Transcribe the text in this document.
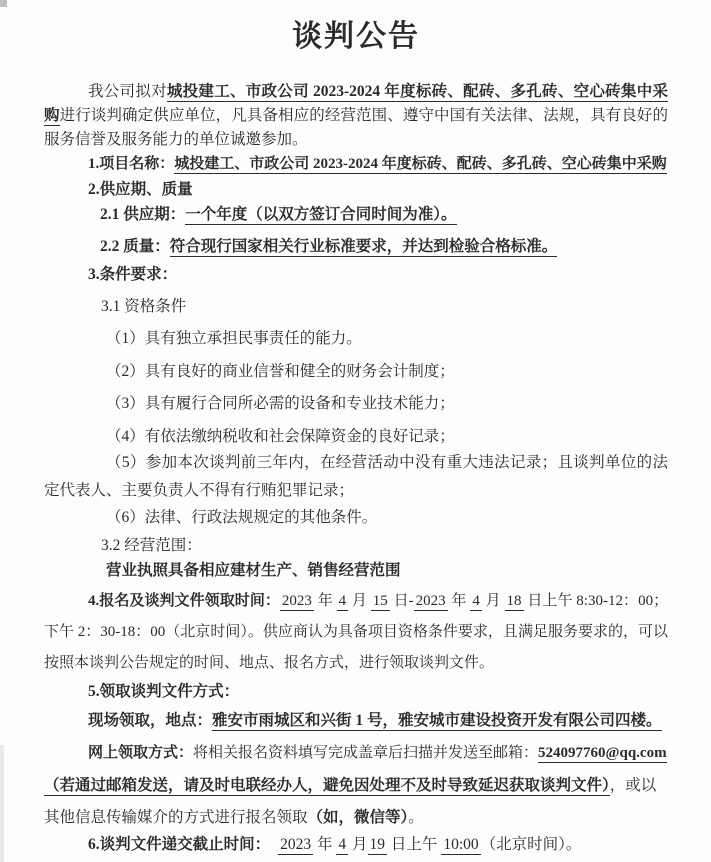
谈判公告

我公司拟对城投建工、市政公司 2023-2024 年度标砖、配砖、多孔砖、空心砖集中采购进行谈判确定供应单位，凡具备相应的经营范围、遵守中国有关法律、法规，具有良好的服务信誉及服务能力的单位诚邀参加。

1.项目名称：城投建工、市政公司 2023-2024 年度标砖、配砖、多孔砖、空心砖集中采购

2.供应期、质量

2.1 供应期：一个年度（以双方签订合同时间为准）。

2.2 质量：符合现行国家相关行业标准要求，并达到检验合格标准。

3.条件要求：

3.1 资格条件

（1）具有独立承担民事责任的能力。

（2）具有良好的商业信誉和健全的财务会计制度；

（3）具有履行合同所必需的设备和专业技术能力；

（4）有依法缴纳税收和社会保障资金的良好记录；

（5）参加本次谈判前三年内，在经营活动中没有重大违法记录；且谈判单位的法定代表人、主要负责人不得有行贿犯罪记录；

（6）法律、行政法规规定的其他条件。

3.2 经营范围：

营业执照具备相应建材生产、销售经营范围

4.报名及谈判文件领取时间： 2023 年 4 月 15 日- 2023 年 4 月 18 日上午 8:30-12：00；下午 2：30-18：00（北京时间）。供应商认为具备项目资格条件要求，且满足服务要求的，可以按照本谈判公告规定的时间、地点、报名方式，进行领取谈判文件。

5.领取谈判文件方式：

现场领取，地点：雅安市雨城区和兴街 1 号，雅安城市建设投资开发有限公司四楼。

网上领取方式：将相关报名资料填写完成盖章后扫描并发送至邮箱：524097760@qq.com

（若通过邮箱发送，请及时电联经办人，避免因处理不及时导致延迟获取谈判文件），或以

其他信息传输媒介的方式进行报名领取（如，微信等）。

6.谈判文件递交截止时间： 2023 年 4 月 19 日上午 10:00 （北京时间）。
